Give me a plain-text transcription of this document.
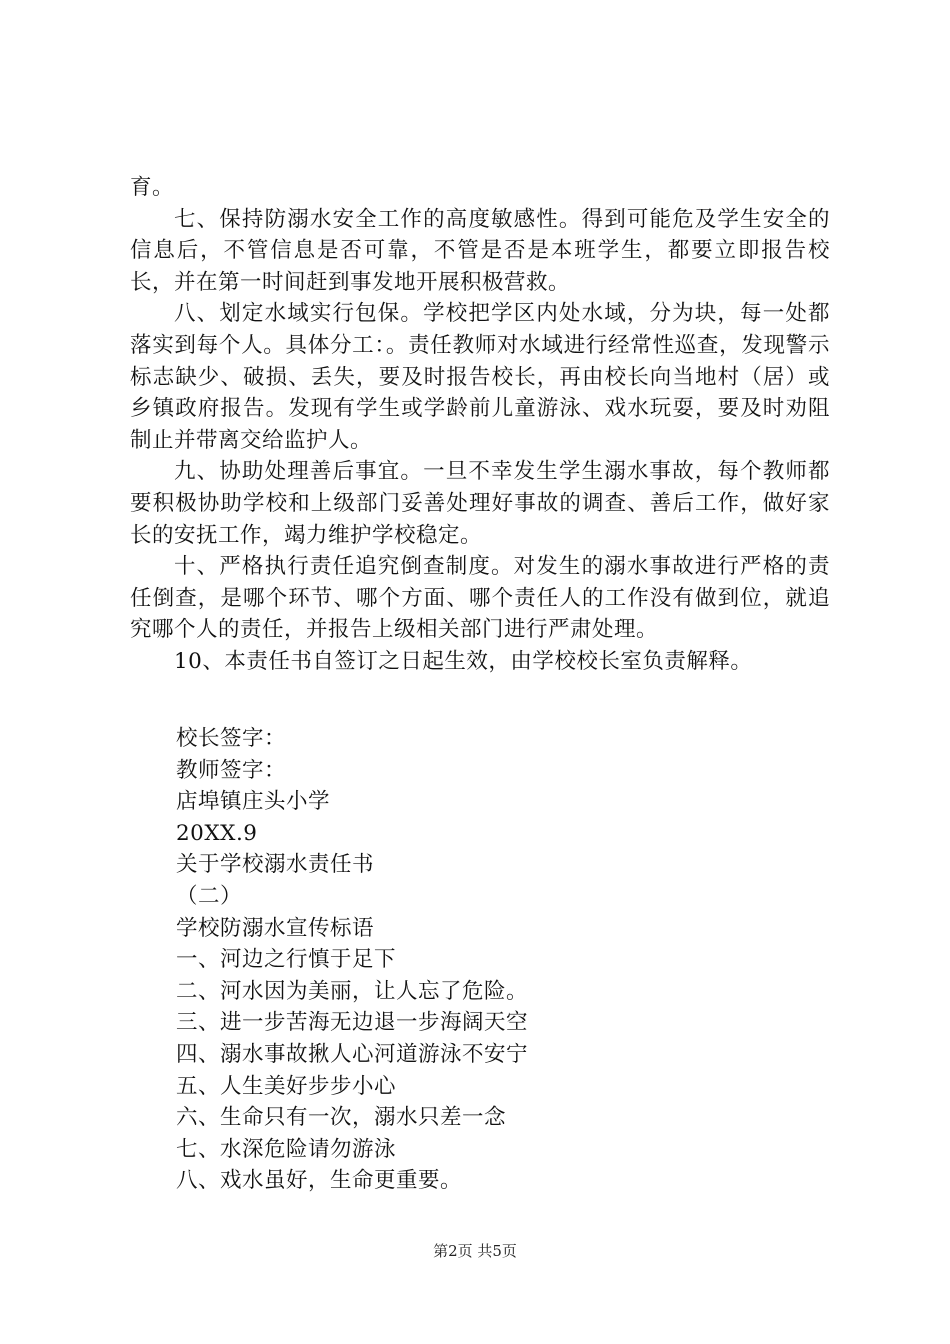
育。

七、保持防溺水安全工作的高度敏感性。得到可能危及学生安全的信息后，不管信息是否可靠，不管是否是本班学生，都要立即报告校长，并在第一时间赶到事发地开展积极营救。

八、划定水域实行包保。学校把学区内处水域，分为块，每一处都落实到每个人。具体分工：。责任教师对水域进行经常性巡查，发现警示标志缺少、破损、丢失，要及时报告校长，再由校长向当地村（居）或乡镇政府报告。发现有学生或学龄前儿童游泳、戏水玩耍，要及时劝阻制止并带离交给监护人。

九、协助处理善后事宜。一旦不幸发生学生溺水事故，每个教师都要积极协助学校和上级部门妥善处理好事故的调查、善后工作，做好家长的安抚工作，竭力维护学校稳定。

十、严格执行责任追究倒查制度。对发生的溺水事故进行严格的责任倒查，是哪个环节、哪个方面、哪个责任人的工作没有做到位，就追究哪个人的责任，并报告上级相关部门进行严肃处理。

10、本责任书自签订之日起生效，由学校校长室负责解释。

校长签字：
教师签字：
店埠镇庄头小学
20XX.9
关于学校溺水责任书
（二）
学校防溺水宣传标语
一、河边之行慎于足下
二、河水因为美丽，让人忘了危险。
三、进一步苦海无边退一步海阔天空
四、溺水事故揪人心河道游泳不安宁
五、人生美好步步小心
六、生命只有一次，溺水只差一念
七、水深危险请勿游泳
八、戏水虽好，生命更重要。
第2页 共5页
